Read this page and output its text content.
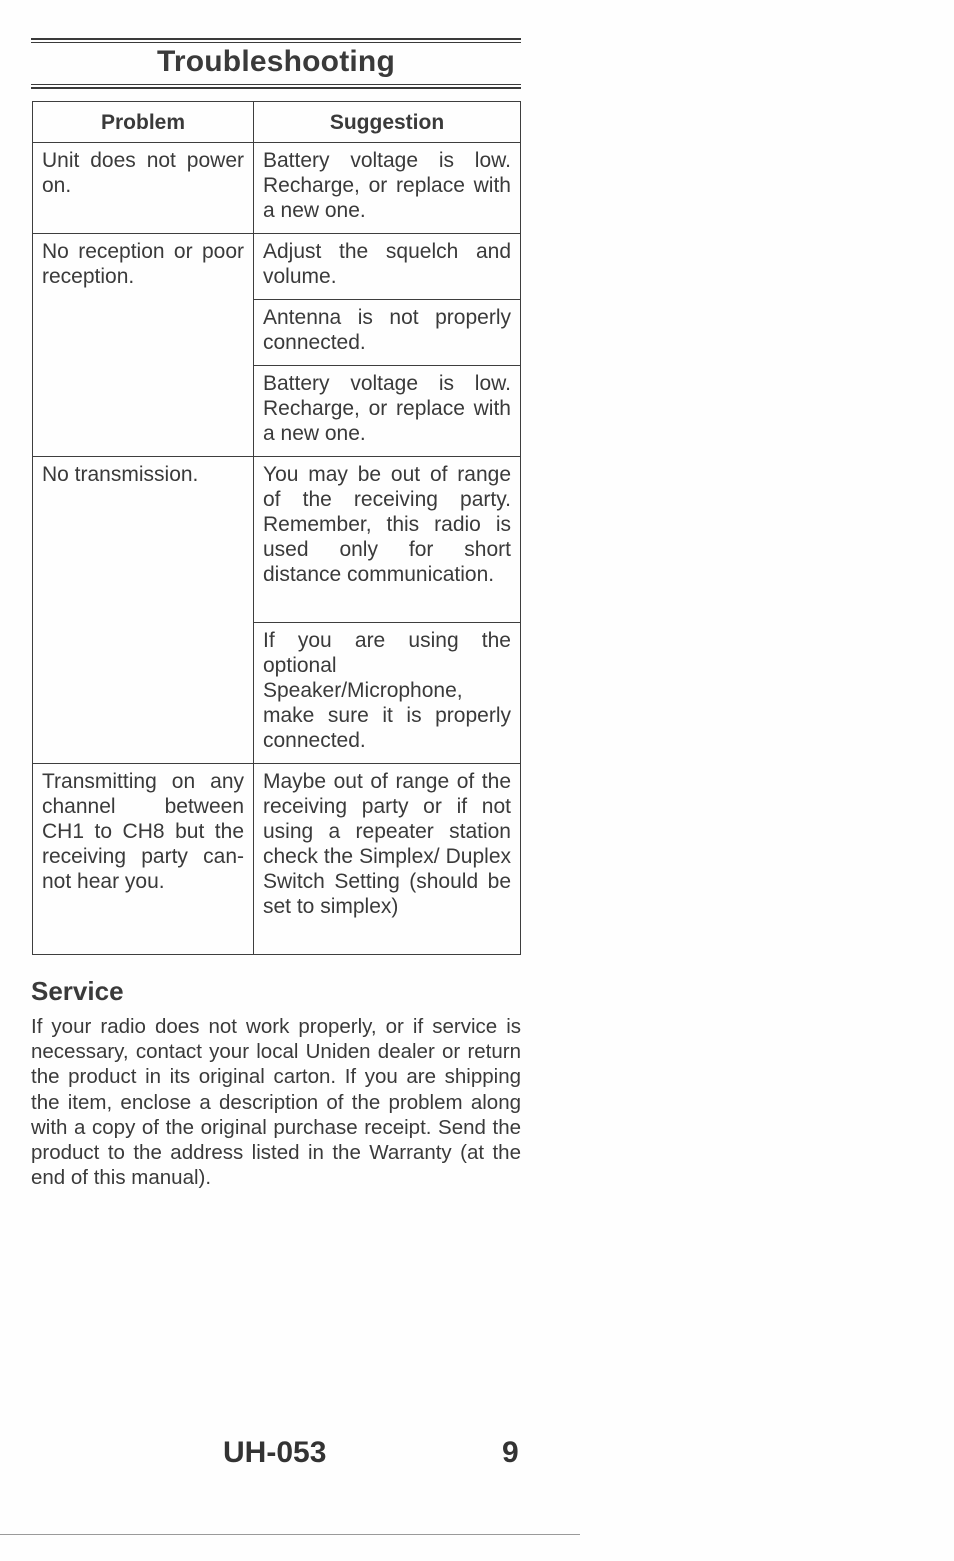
Troubleshooting
Problem	Suggestion
Unit does not power on.	Battery voltage is low. Recharge, or replace with a new one.
No reception or poor reception.	Adjust the squelch and volume.
	Antenna is not properly connected.
	Battery voltage is low. Recharge, or replace with a new one.
No transmission.	You may be out of range of the receiving party. Remember, this radio is used only for short distance communication.
	If you are using the optional Speaker/Microphone, make sure it is properly connected.
Transmitting on any channel between CH1 to CH8 but the receiving party can-not hear you.	Maybe out of range of the receiving party or if not using a repeater station check the Simplex/ Duplex Switch Setting (should be set to simplex)
Service
If your radio does not work properly, or if service is necessary, contact your local Uniden dealer or return the product in its original carton. If you are shipping the item, enclose a description of the problem along with a copy of the original purchase receipt. Send the product to the address listed in the Warranty (at the end of this manual).
UH-053	9
